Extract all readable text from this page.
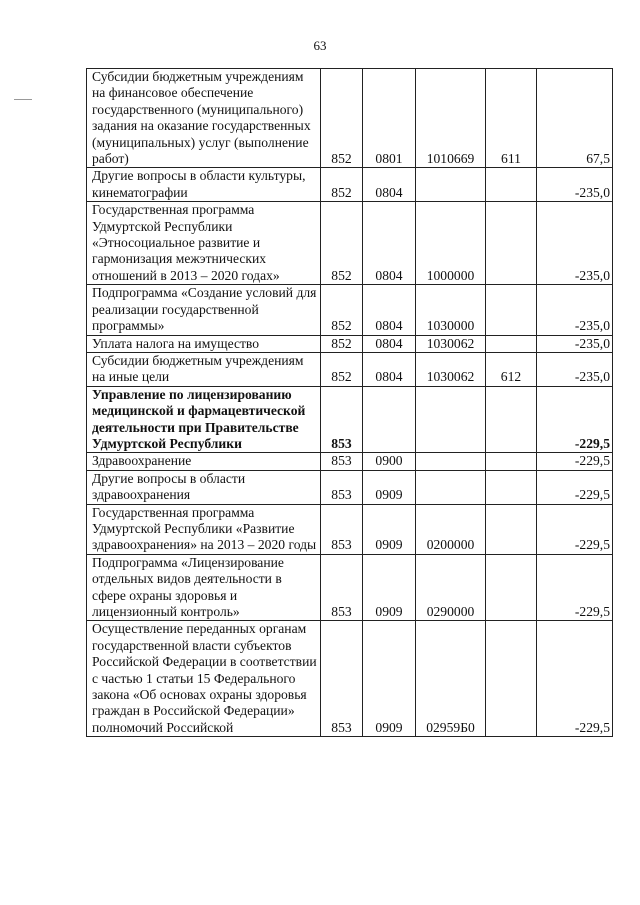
63
Субсидии бюджетным учреждениям на финансовое обеспечение государственного (муниципального) задания на оказание государственных (муниципальных) услуг (выполнение работ)	852	0801	1010669	611	67,5
Другие вопросы в области культуры, кинематографии	852	0804			-235,0
Государственная программа Удмуртской Республики «Этносоциальное развитие и гармонизация межэтнических отношений в 2013 – 2020 годах»	852	0804	1000000		-235,0
Подпрограмма «Создание условий для реализации государственной программы»	852	0804	1030000		-235,0
Уплата налога на имущество	852	0804	1030062		-235,0
Субсидии бюджетным учреждениям на иные цели	852	0804	1030062	612	-235,0
Управление по лицензированию медицинской и фармацевтической деятельности при Правительстве Удмуртской Республики	853				-229,5
Здравоохранение	853	0900			-229,5
Другие вопросы в области здравоохранения	853	0909			-229,5
Государственная программа Удмуртской Республики «Развитие здравоохранения» на 2013 – 2020 годы	853	0909	0200000		-229,5
Подпрограмма «Лицензирование отдельных видов деятельности в сфере охраны здоровья и лицензионный контроль»	853	0909	0290000		-229,5
Осуществление переданных органам государственной власти субъектов Российской Федерации в соответствии с частью 1 статьи 15 Федерального закона «Об основах охраны здоровья граждан в Российской Федерации» полномочий Российской	853	0909	02959Б0		-229,5
